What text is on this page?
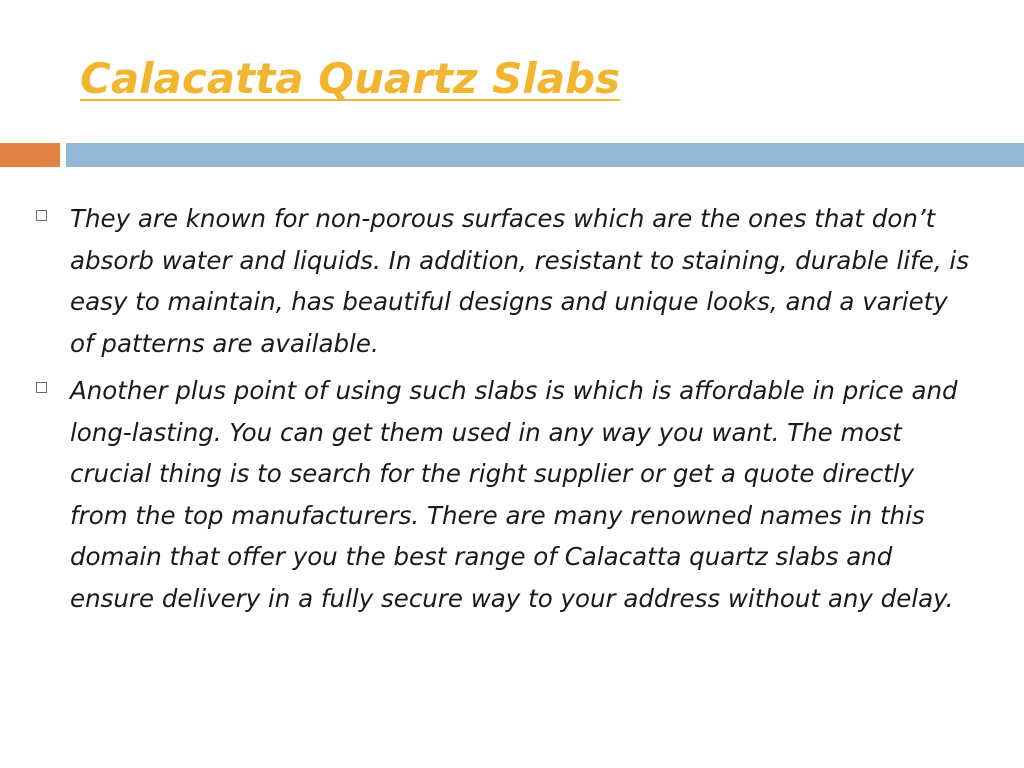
Calacatta Quartz Slabs
They are known for non-porous surfaces which are the ones that don’t absorb water and liquids. In addition, resistant to staining, durable life, is easy to maintain, has beautiful designs and unique looks, and a variety of patterns are available.
Another plus point of using such slabs is which is affordable in price and long-lasting. You can get them used in any way you want. The most crucial thing is to search for the right supplier or get a quote directly from the top manufacturers. There are many renowned names in this domain that offer you the best range of Calacatta quartz slabs and ensure delivery in a fully secure way to your address without any delay.
